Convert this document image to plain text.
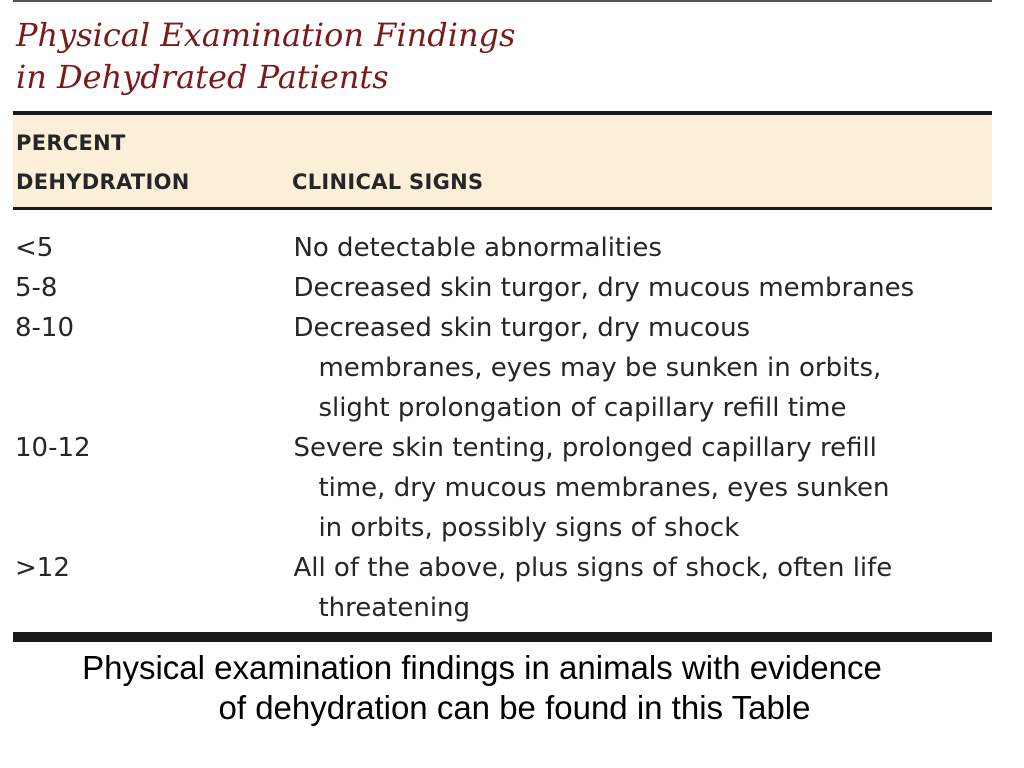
Physical Examination Findings
in Dehydrated Patients
PERCENT
DEHYDRATION	CLINICAL SIGNS
<5	No detectable abnormalities
5-8	Decreased skin turgor, dry mucous membranes
8-10	Decreased skin turgor, dry mucous
membranes, eyes may be sunken in orbits,
slight prolongation of capillary refill time
10-12	Severe skin tenting, prolonged capillary refill
time, dry mucous membranes, eyes sunken
in orbits, possibly signs of shock
>12	All of the above, plus signs of shock, often life
threatening

Physical examination findings in animals with evidence
of dehydration can be found in this Table
